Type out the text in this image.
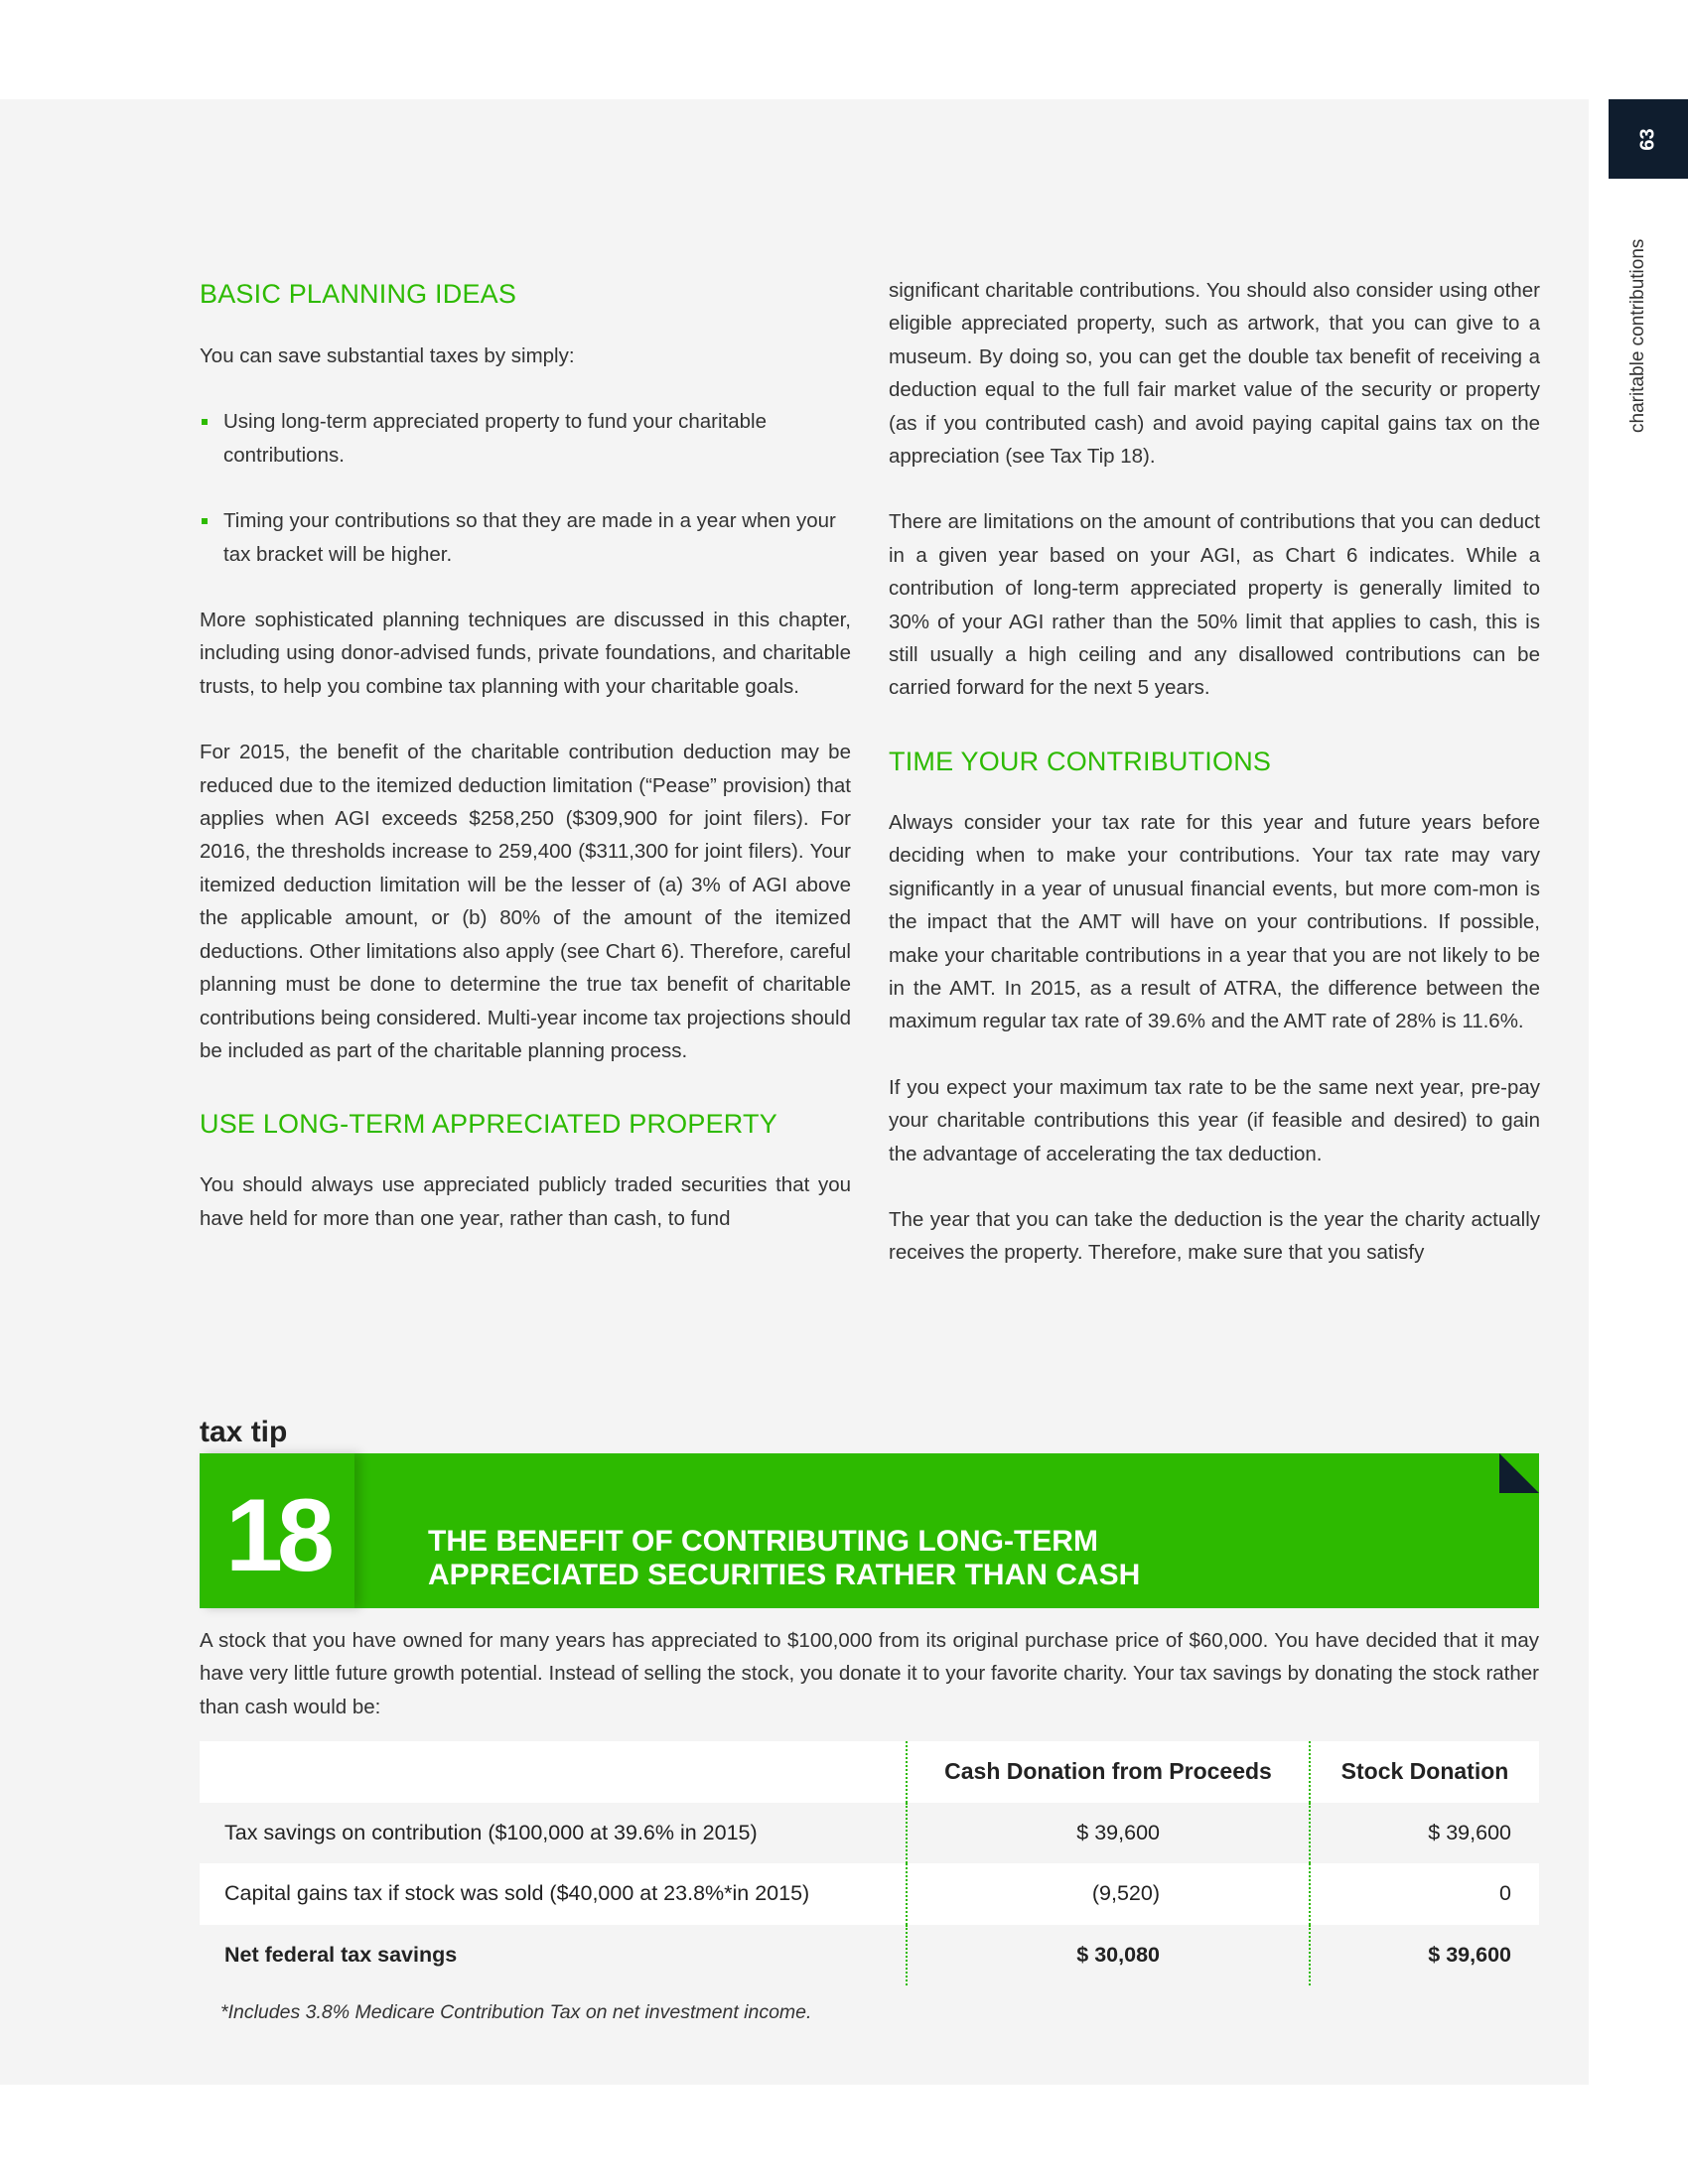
63
charitable contributions
BASIC PLANNING IDEAS

You can save substantial taxes by simply:

Using long-term appreciated property to fund your charitable contributions.

Timing your contributions so that they are made in a year when your tax bracket will be higher.

More sophisticated planning techniques are discussed in this chapter, including using donor-advised funds, private foundations, and charitable trusts, to help you combine tax planning with your charitable goals.

For 2015, the benefit of the charitable contribution deduction may be reduced due to the itemized deduction limitation (“Pease” provision) that applies when AGI exceeds $258,250 ($309,900 for joint filers). For 2016, the thresholds increase to 259,400 ($311,300 for joint filers). Your itemized deduction limitation will be the lesser of (a) 3% of AGI above the applicable amount, or (b) 80% of the amount of the itemized deductions. Other limitations also apply (see Chart 6). Therefore, careful planning must be done to determine the true tax benefit of charitable contributions being considered. Multi-year income tax projections should be included as part of the charitable planning process.

USE LONG-TERM APPRECIATED PROPERTY

You should always use appreciated publicly traded securities that you have held for more than one year, rather than cash, to fund

significant charitable contributions. You should also consider using other eligible appreciated property, such as artwork, that you can give to a museum. By doing so, you can get the double tax benefit of receiving a deduction equal to the full fair market value of the security or property (as if you contributed cash) and avoid paying capital gains tax on the appreciation (see Tax Tip 18).

There are limitations on the amount of contributions that you can deduct in a given year based on your AGI, as Chart 6 indicates. While a contribution of long-term appreciated property is generally limited to 30% of your AGI rather than the 50% limit that applies to cash, this is still usually a high ceiling and any disallowed contributions can be carried forward for the next 5 years.

TIME YOUR CONTRIBUTIONS

Always consider your tax rate for this year and future years before deciding when to make your contributions. Your tax rate may vary significantly in a year of unusual financial events, but more com-mon is the impact that the AMT will have on your contributions. If possible, make your charitable contributions in a year that you are not likely to be in the AMT. In 2015, as a result of ATRA, the difference between the maximum regular tax rate of 39.6% and the AMT rate of 28% is 11.6%.

If you expect your maximum tax rate to be the same next year, pre-pay your charitable contributions this year (if feasible and desired) to gain the advantage of accelerating the tax deduction.

The year that you can take the deduction is the year the charity actually receives the property. Therefore, make sure that you satisfy

tax tip
18	THE BENEFIT OF CONTRIBUTING LONG-TERM
APPRECIATED SECURITIES RATHER THAN CASH

A stock that you have owned for many years has appreciated to $100,000 from its original purchase price of $60,000. You have decided that it may have very little future growth potential. Instead of selling the stock, you donate it to your favorite charity. Your tax savings by donating the stock rather than cash would be:

	Cash Donation from Proceeds	Stock Donation
Tax savings on contribution ($100,000 at 39.6% in 2015)	$ 39,600	$ 39,600
Capital gains tax if stock was sold ($40,000 at 23.8%*in 2015)	(9,520)	0
Net federal tax savings	$ 30,080	$ 39,600

*Includes 3.8% Medicare Contribution Tax on net investment income.
